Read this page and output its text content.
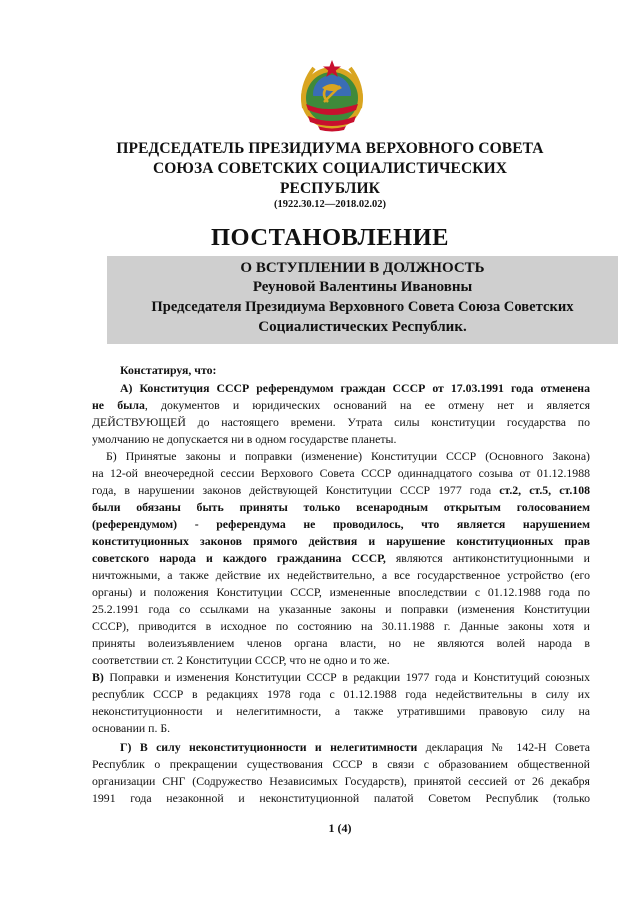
ПРЕДСЕДАТЕЛЬ ПРЕЗИДИУМА ВЕРХОВНОГО СОВЕТА
СОЮЗА СОВЕТСКИХ СОЦИАЛИСТИЧЕСКИХ
РЕСПУБЛИК
(1922.30.12—2018.02.02)
ПОСТАНОВЛЕНИЕ
О ВСТУПЛЕНИИ В ДОЛЖНОСТЬ
Реуновой Валентины Ивановны
Председателя Президиума Верховного Совета Союза Советских
Социалистических Республик.
Констатируя, что:
А) Конституция СССР референдумом граждан СССР от 17.03.1991 года отменена
не была, документов и юридических оснований на ее отмену нет и является
ДЕЙСТВУЮЩЕЙ до настоящего времени. Утрата силы конституции государства по
умолчанию не допускается ни в одном государстве планеты.
Б) Принятые законы и поправки (изменение) Конституции СССР (Основного Закона)
на 12-ой внеочередной сессии Верхового Совета СССР одиннадцатого созыва от 01.12.1988
года, в нарушении законов действующей Конституции СССР 1977 года ст.2, ст.5, ст.108
были обязаны быть приняты только всенародным открытым голосованием
(референдумом) - референдума не проводилось, что является нарушением
конституционных законов прямого действия и нарушение конституционных прав
советского народа и каждого гражданина СССР, являются антиконституционными и
ничтожными, а также действие их недействительно, а все государственное устройство (его
органы) и положения Конституции СССР, измененные впоследствии с 01.12.1988 года по
25.2.1991 года со ссылками на указанные законы и поправки (изменения Конституции
СССР), приводится в исходное по состоянию на 30.11.1988 г. Данные законы хотя и
приняты волеизъявлением членов органа власти, но не являются волей народа в
соответствии ст. 2 Конституции СССР, что не одно и то же.
В) Поправки и изменения Конституции СССР в редакции 1977 года и Конституций союзных
республик СССР в редакциях 1978 года с 01.12.1988 года недействительны в силу их
неконституционности и нелегитимности, а также утратившими правовую силу на
основании п. Б.
Г) В силу неконституционности и нелегитимности декларация № 142-Н Совета
Республик о прекращении существования СССР в связи с образованием общественной
организации СНГ (Содружество Независимых Государств), принятой сессией от 26 декабря
1991 года незаконной и неконституционной палатой Советом Республик (только
1 (4)
